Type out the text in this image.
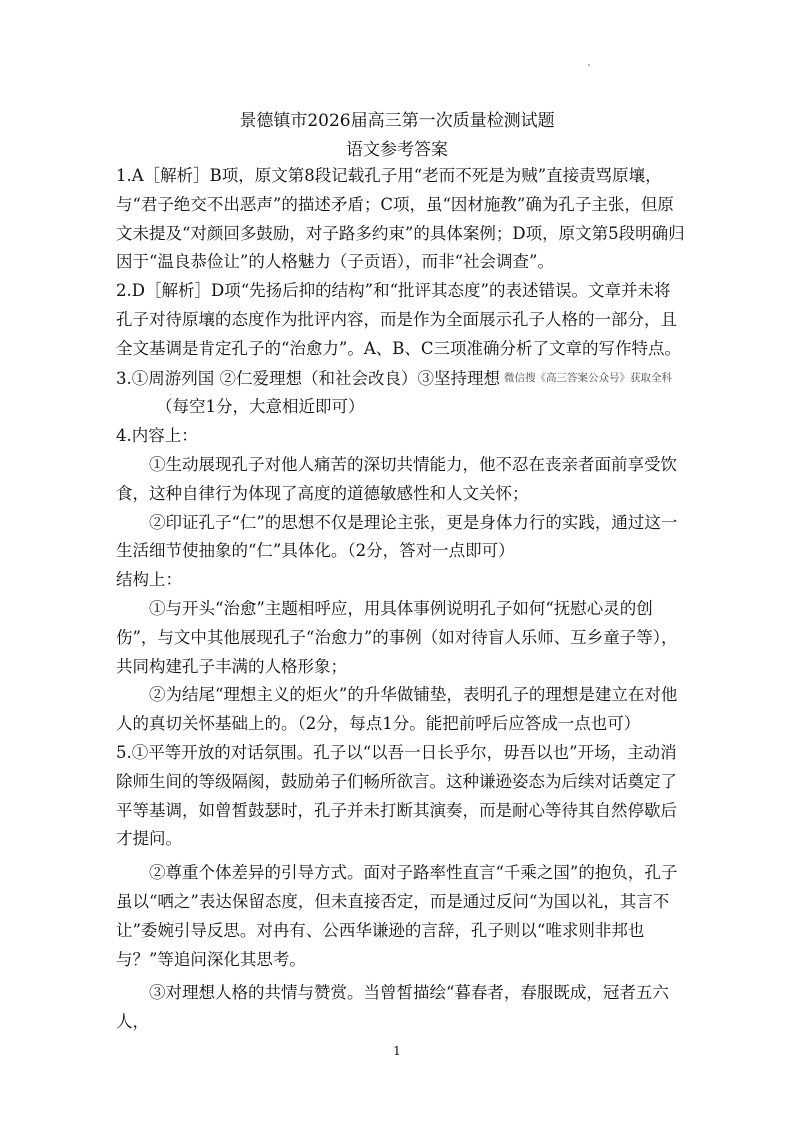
景德镇市2026届高三第一次质量检测试题
语文参考答案

1.A［解析］B项，原文第8段记载孔子用“老而不死是为贼”直接责骂原壤，与“君子绝交不出恶声”的描述矛盾；C项，虽“因材施教”确为孔子主张，但原文未提及“对颜回多鼓励，对子路多约束”的具体案例；D项，原文第5段明确归因于“温良恭俭让”的人格魅力（子贡语），而非“社会调查”。

2.D［解析］D项“先扬后抑的结构”和“批评其态度”的表述错误。文章并未将孔子对待原壤的态度作为批评内容，而是作为全面展示孔子人格的一部分，且全文基调是肯定孔子的“治愈力”。A、B、C三项准确分析了文章的写作特点。

3.①周游列国 ②仁爱理想（和社会改良）③坚持理想 微信搜《高三答案公众号》获取全科

（每空1分，大意相近即可）

4.内容上：

①生动展现孔子对他人痛苦的深切共情能力，他不忍在丧亲者面前享受饮食，这种自律行为体现了高度的道德敏感性和人文关怀；

②印证孔子“仁”的思想不仅是理论主张，更是身体力行的实践，通过这一生活细节使抽象的“仁”具体化。（2分，答对一点即可）

结构上：

①与开头“治愈”主题相呼应，用具体事例说明孔子如何“抚慰心灵的创伤”，与文中其他展现孔子“治愈力”的事例（如对待盲人乐师、互乡童子等），共同构建孔子丰满的人格形象；

②为结尾“理想主义的炬火”的升华做铺垫，表明孔子的理想是建立在对他人的真切关怀基础上的。（2分，每点1分。能把前呼后应答成一点也可）

5.①平等开放的对话氛围。孔子以“以吾一日长乎尔，毋吾以也”开场，主动消除师生间的等级隔阂，鼓励弟子们畅所欲言。这种谦逊姿态为后续对话奠定了平等基调，如曾皙鼓瑟时，孔子并未打断其演奏，而是耐心等待其自然停歇后才提问。

②尊重个体差异的引导方式。面对子路率性直言“千乘之国”的抱负，孔子虽以“哂之”表达保留态度，但未直接否定，而是通过反问“为国以礼，其言不让”委婉引导反思。对冉有、公西华谦逊的言辞，孔子则以“唯求则非邦也与？”等追问深化其思考。

③对理想人格的共情与赞赏。当曾皙描绘“暮春者，春服既成，冠者五六人，

1
